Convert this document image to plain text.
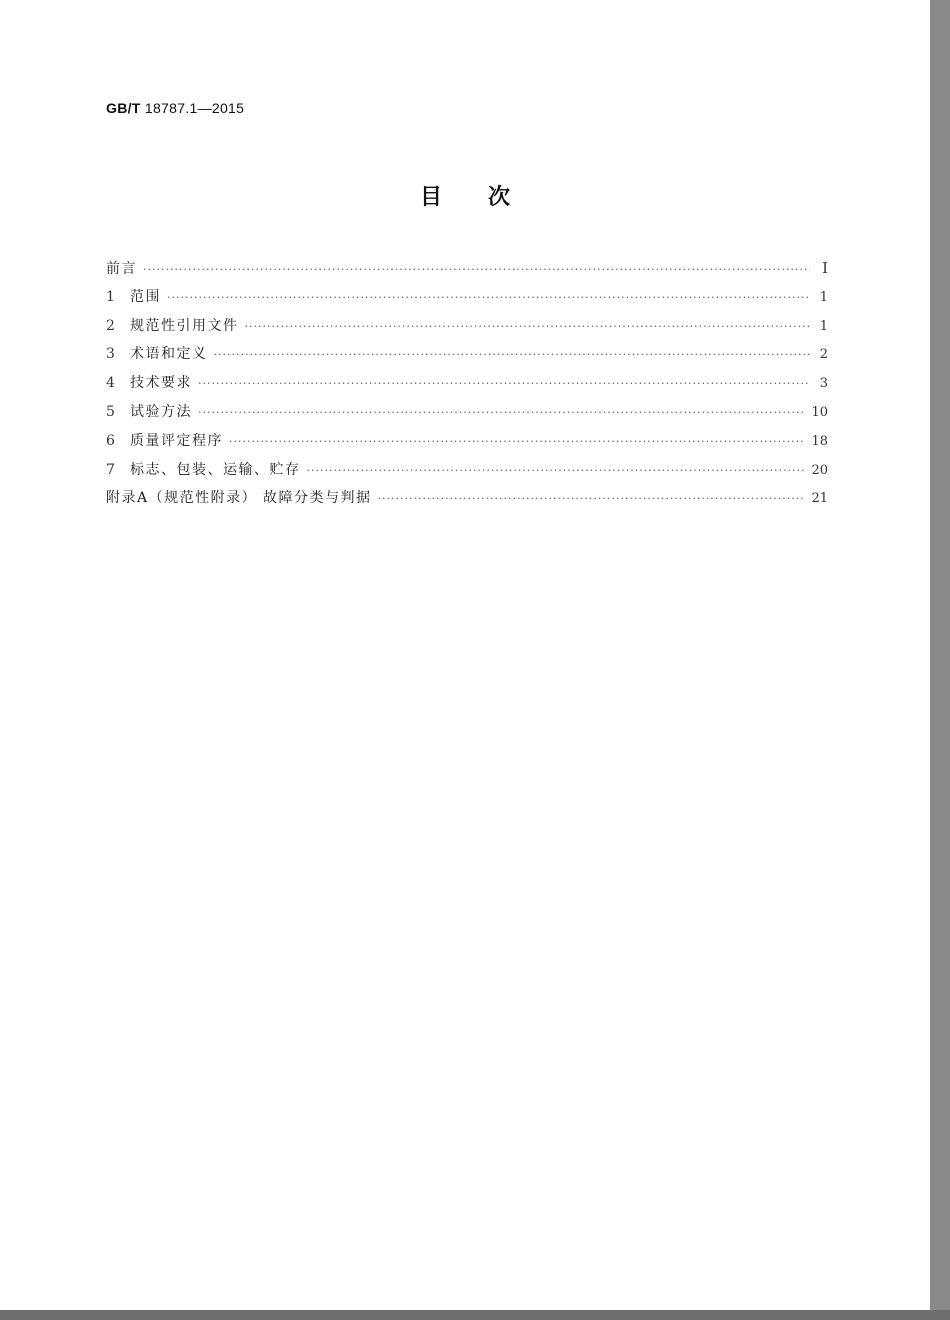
GB/T 18787.1—2015
目次
前言 ·····	Ⅰ
1	范围 ·····	1
2	规范性引用文件 ·····	1
3	术语和定义 ·····	2
4	技术要求 ·····	3
5	试验方法 ·····	10
6	质量评定程序 ·····	18
7	标志、包装、运输、贮存 ·····	20
附录A（规范性附录） 故障分类与判据 ·····	21
